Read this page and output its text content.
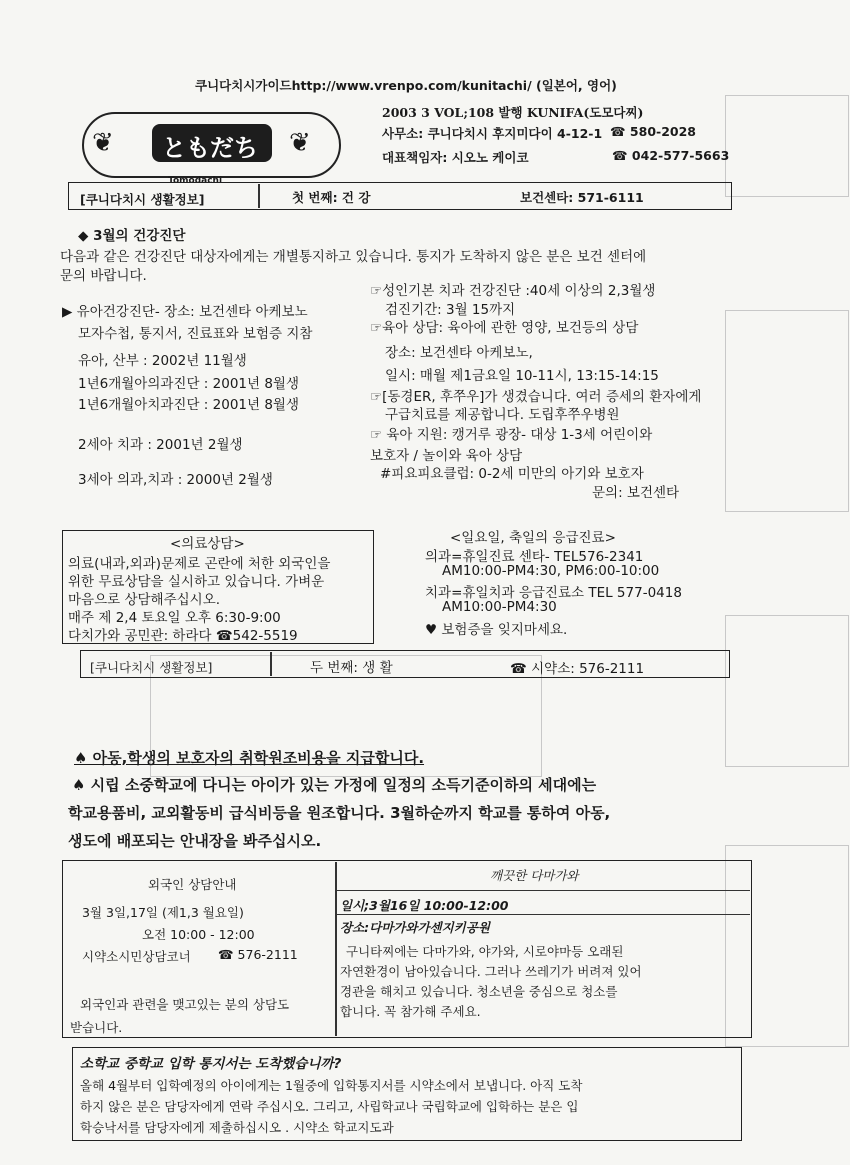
쿠니다치시가이드http://www.vrenpo.com/kunitachi/ (일본어, 영어)
❦ ともだち ❦
Tomodachi
2003 3 VOL;108 발행 KUNIFA(도모다찌)
사무소: 쿠니다치시 후지미다이 4-12-1 ☎ 580-2028
대표책임자: 시오노 케이코	☎ 042-577-5663
[쿠니다치시 생활정보]	첫 번째: 건 강	보건센타: 571-6111
◆ 3월의 건강진단
다음과 같은 건강진단 대상자에게는 개별통지하고 있습니다. 통지가 도착하지 않은 분은 보건 센터에
문의 바랍니다.
▶ 유아건강진단- 장소: 보건센타 아케보노
모자수첩, 통지서, 진료표와 보험증 지참
유아, 산부 : 2002년 11월생
1년6개월아의과진단 : 2001년 8월생
1년6개월아치과진단 : 2001년 8월생
2세아 치과 : 2001년 2월생
3세아 의과,치과 : 2000년 2월생
☞성인기본 치과 건강진단 :40세 이상의 2,3월생
검진기간: 3월 15까지
☞육아 상담: 육아에 관한 영양, 보건등의 상담
장소: 보건센타 아케보노,
일시: 매월 제1금요일 10-11시, 13:15-14:15
☞[동경ER, 후쭈우]가 생겼습니다. 여러 증세의 환자에게
구급치료를 제공합니다. 도립후쭈우병원
☞ 육아 지원: 캥거루 광장- 대상 1-3세 어린이와
보호자 / 놀이와 육아 상담
#피요피요클럽: 0-2세 미만의 아기와 보호자
문의: 보건센타
<의료상담>
의료(내과,외과)문제로 곤란에 처한 외국인을
위한 무료상담을 실시하고 있습니다. 가벼운
마음으로 상담해주십시오.
매주 제 2,4 토요일 오후 6:30-9:00
다치가와 공민관: 하라다 ☎542-5519
<일요일, 축일의 응급진료>
의과=휴일진료 센타- TEL576-2341
AM10:00-PM4:30, PM6:00-10:00
치과=휴일치과 응급진료소 TEL 577-0418
AM10:00-PM4:30
♥ 보험증을 잊지마세요.
[쿠니다치시 생활정보]	두 번째: 생 활	☎ 시약소: 576-2111
♠ 아동,학생의 보호자의 취학원조비용을 지급합니다.
♠ 시립 소중학교에 다니는 아이가 있는 가정에 일정의 소득기준이하의 세대에는
학교용품비, 교외활동비 급식비등을 원조합니다. 3월하순까지 학교를 통하여 아동,
생도에 배포되는 안내장을 봐주십시오.
외국인 상담안내
3월 3일,17일 (제1,3 월요일)
오전 10:00 - 12:00
시약소시민상담코너 ☎ 576-2111
외국인과 관련을 맺고있는 분의 상담도
받습니다.
깨끗한 다마가와
일시;3월16일 10:00-12:00
장소:다마가와가센지키공원
구니타찌에는 다마가와, 야가와, 시로야마등 오래된
자연환경이 남아있습니다. 그러나 쓰레기가 버려져 있어
경관을 해치고 있습니다. 청소년을 중심으로 청소를
합니다. 꼭 참가해 주세요.
소학교 중학교 입학 통지서는 도착했습니까?
올해 4월부터 입학예정의 아이에게는 1월중에 입학통지서를 시약소에서 보냅니다. 아직 도착
하지 않은 분은 담당자에게 연락 주십시오. 그리고, 사립학교나 국립학교에 입학하는 분은 입
학승낙서를 담당자에게 제출하십시오 . 시약소 학교지도과
